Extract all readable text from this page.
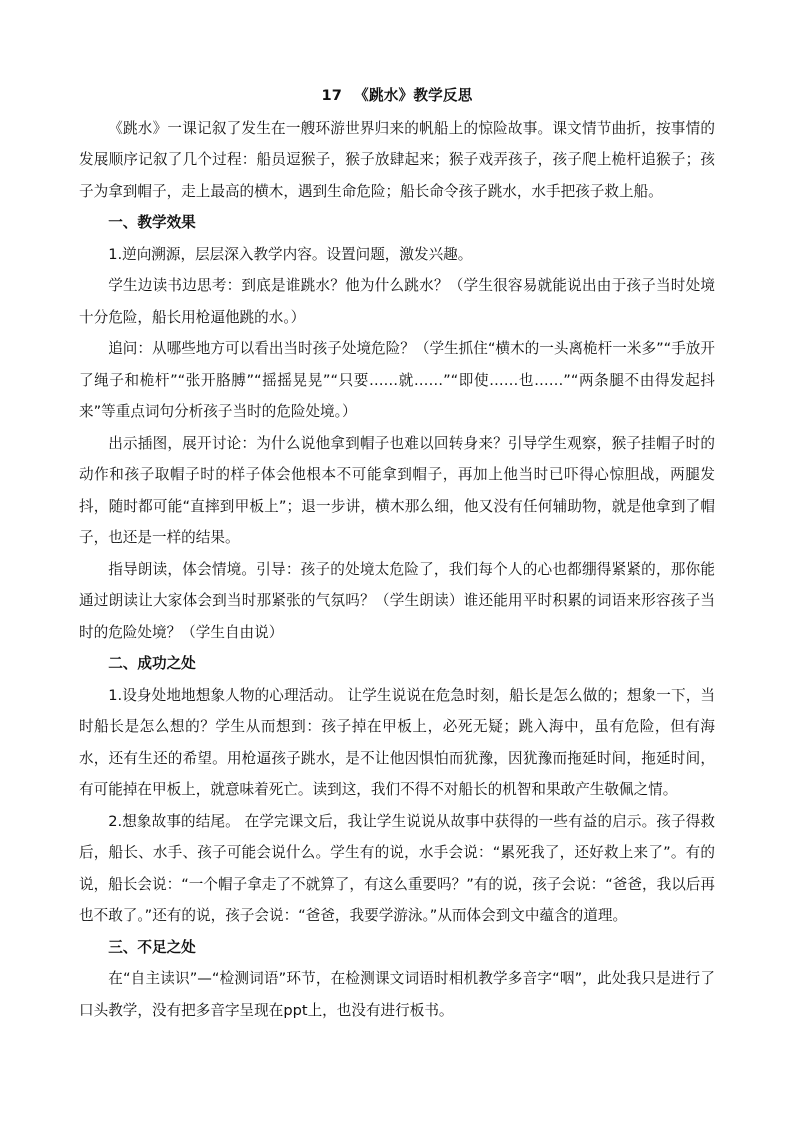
17 《跳水》教学反思

《跳水》一课记叙了发生在一艘环游世界归来的帆船上的惊险故事。课文情节曲折，按事情的发展顺序记叙了几个过程：船员逗猴子，猴子放肆起来；猴子戏弄孩子，孩子爬上桅杆追猴子；孩子为拿到帽子，走上最高的横木，遇到生命危险；船长命令孩子跳水，水手把孩子救上船。

一、教学效果

1.逆向溯源，层层深入教学内容。设置问题，激发兴趣。

学生边读书边思考：到底是谁跳水？他为什么跳水？（学生很容易就能说出由于孩子当时处境十分危险，船长用枪逼他跳的水。）

追问：从哪些地方可以看出当时孩子处境危险？（学生抓住“横木的一头离桅杆一米多”“手放开了绳子和桅杆”“张开胳膊”“摇摇晃晃”“只要……就……”“即使……也……”“两条腿不由得发起抖来”等重点词句分析孩子当时的危险处境。）

出示插图，展开讨论：为什么说他拿到帽子也难以回转身来？引导学生观察，猴子挂帽子时的动作和孩子取帽子时的样子体会他根本不可能拿到帽子，再加上他当时已吓得心惊胆战，两腿发抖，随时都可能“直摔到甲板上”；退一步讲，横木那么细，他又没有任何辅助物，就是他拿到了帽子，也还是一样的结果。

指导朗读，体会情境。引导：孩子的处境太危险了，我们每个人的心也都绷得紧紧的，那你能通过朗读让大家体会到当时那紧张的气氛吗？（学生朗读）谁还能用平时积累的词语来形容孩子当时的危险处境？（学生自由说）

二、成功之处

1.设身处地地想象人物的心理活动。 让学生说说在危急时刻，船长是怎么做的；想象一下，当时船长是怎么想的？学生从而想到：孩子掉在甲板上，必死无疑；跳入海中，虽有危险，但有海水，还有生还的希望。用枪逼孩子跳水，是不让他因惧怕而犹豫，因犹豫而拖延时间，拖延时间，有可能掉在甲板上，就意味着死亡。读到这，我们不得不对船长的机智和果敢产生敬佩之情。

2.想象故事的结尾。 在学完课文后，我让学生说说从故事中获得的一些有益的启示。孩子得救后，船长、水手、孩子可能会说什么。学生有的说，水手会说：“累死我了，还好救上来了”。有的说，船长会说：“一个帽子拿走了不就算了，有这么重要吗？”有的说，孩子会说：“爸爸，我以后再也不敢了。”还有的说，孩子会说：“爸爸，我要学游泳。”从而体会到文中蕴含的道理。

三、不足之处

在“自主读识”—“检测词语”环节，在检测课文词语时相机教学多音字“咽”，此处我只是进行了口头教学，没有把多音字呈现在ppt上，也没有进行板书。
